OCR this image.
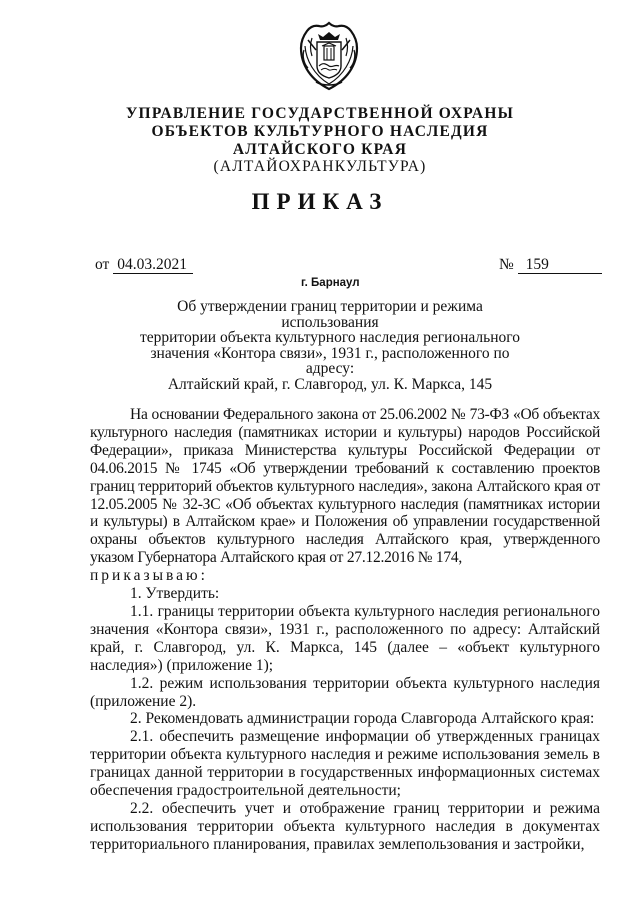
УПРАВЛЕНИЕ ГОСУДАРСТВЕННОЙ ОХРАНЫ
ОБЪЕКТОВ КУЛЬТУРНОГО НАСЛЕДИЯ
АЛТАЙСКОГО КРАЯ
(АЛТАЙОХРАНКУЛЬТУРА)
ПРИКАЗ
от 04.03.2021	№ 159
г. Барнаул
Об утверждении границ территории и режима использования
территории объекта культурного наследия регионального
значения «Контора связи», 1931 г., расположенного по адресу:
Алтайский край, г. Славгород, ул. К. Маркса, 145

На основании Федерального закона от 25.06.2002 № 73-ФЗ «Об объектах культурного наследия (памятниках истории и культуры) народов Российской Федерации», приказа Министерства культуры Российской Федерации от 04.06.2015 № 1745 «Об утверждении требований к составлению проектов границ территорий объектов культурного наследия», закона Алтайского края от 12.05.2005 № 32-ЗС «Об объектах культурного наследия (памятниках истории и культуры) в Алтайском крае» и Положения об управлении государственной охраны объектов культурного наследия Алтайского края, утвержденного указом Губернатора Алтайского края от 27.12.2016 № 174,

приказываю:

1. Утвердить:

1.1. границы территории объекта культурного наследия регионального значения «Контора связи», 1931 г., расположенного по адресу: Алтайский край, г. Славгород, ул. К. Маркса, 145 (далее – «объект культурного наследия») (приложение 1);

1.2. режим использования территории объекта культурного наследия (приложение 2).

2. Рекомендовать администрации города Славгорода Алтайского края:

2.1. обеспечить размещение информации об утвержденных границах территории объекта культурного наследия и режиме использования земель в границах данной территории в государственных информационных системах обеспечения градостроительной деятельности;

2.2. обеспечить учет и отображение границ территории и режима использования территории объекта культурного наследия в документах территориального планирования, правилах землепользования и застройки,
